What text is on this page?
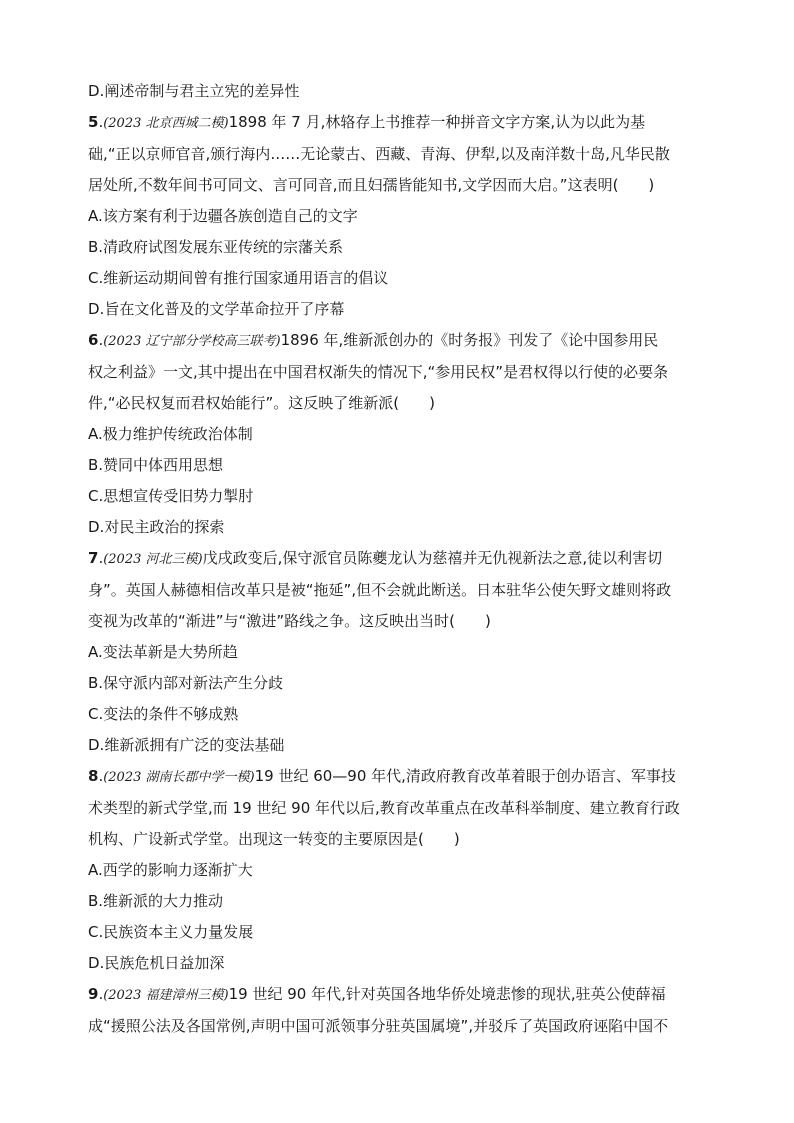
D.阐述帝制与君主立宪的差异性
5.(2023 北京西城二模)1898 年 7 月,林辂存上书推荐一种拼音文字方案,认为以此为基
础,“正以京师官音,颁行海内……无论蒙古、西藏、青海、伊犁,以及南洋数十岛,凡华民散
居处所,不数年间书可同文、言可同音,而且妇孺皆能知书,文学因而大启。”这表明(　　)
A.该方案有利于边疆各族创造自己的文字
B.清政府试图发展东亚传统的宗藩关系
C.维新运动期间曾有推行国家通用语言的倡议
D.旨在文化普及的文学革命拉开了序幕
6.(2023 辽宁部分学校高三联考)1896 年,维新派创办的《时务报》刊发了《论中国参用民
权之利益》一文,其中提出在中国君权渐失的情况下,“参用民权”是君权得以行使的必要条
件,“必民权复而君权始能行”。这反映了维新派(　　)
A.极力维护传统政治体制
B.赞同中体西用思想
C.思想宣传受旧势力掣肘
D.对民主政治的探索
7.(2023 河北三模)戊戌政变后,保守派官员陈夔龙认为慈禧并无仇视新法之意,徒以利害切
身”。英国人赫德相信改革只是被“拖延”,但不会就此断送。日本驻华公使矢野文雄则将政
变视为改革的“渐进”与“激进”路线之争。这反映出当时(　　)
A.变法革新是大势所趋
B.保守派内部对新法产生分歧
C.变法的条件不够成熟
D.维新派拥有广泛的变法基础
8.(2023 湖南长郡中学一模)19 世纪 60—90 年代,清政府教育改革着眼于创办语言、军事技
术类型的新式学堂,而 19 世纪 90 年代以后,教育改革重点在改革科举制度、建立教育行政
机构、广设新式学堂。出现这一转变的主要原因是(　　)
A.西学的影响力逐渐扩大
B.维新派的大力推动
C.民族资本主义力量发展
D.民族危机日益加深
9.(2023 福建漳州三模)19 世纪 90 年代,针对英国各地华侨处境悲惨的现状,驻英公使薛福
成“援照公法及各国常例,声明中国可派领事分驻英国属境”,并驳斥了英国政府诬陷中国不
